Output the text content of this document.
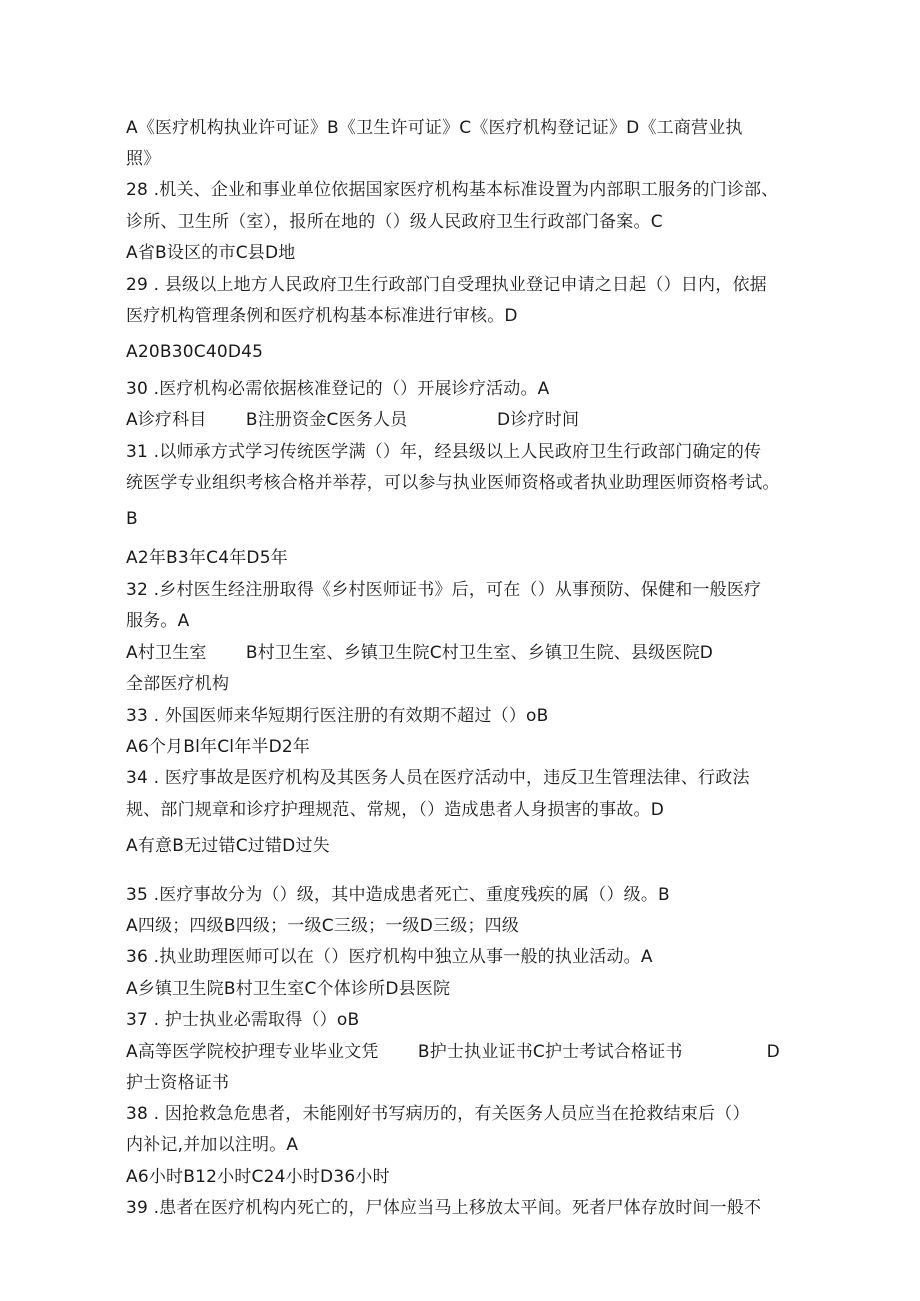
A《医疗机构执业许可证》B《卫生许可证》C《医疗机构登记证》D《工商营业执
照》
28 .机关、企业和事业单位依据国家医疗机构基本标准设置为内部职工服务的门诊部、
诊所、卫生所（室），报所在地的（）级人民政府卫生行政部门备案。C
A省B设区的市C县D地
29 . 县级以上地方人民政府卫生行政部门自受理执业登记申请之日起（）日内，依据
医疗机构管理条例和医疗机构基本标准进行审核。D
A20B30C40D45
30 .医疗机构必需依据核准登记的（）开展诊疗活动。A
A诊疗科目       B注册资金C医务人员                D诊疗时间
31 .以师承方式学习传统医学满（）年，经县级以上人民政府卫生行政部门确定的传
统医学专业组织考核合格并举荐，可以参与执业医师资格或者执业助理医师资格考试。
B
A2年B3年C4年D5年
32 .乡村医生经注册取得《乡村医师证书》后，可在（）从事预防、保健和一般医疗
服务。A
A村卫生室       B村卫生室、乡镇卫生院C村卫生室、乡镇卫生院、县级医院D
全部医疗机构
33 . 外国医师来华短期行医注册的有效期不超过（）oB
A6个月Bl年Cl年半D2年
34 . 医疗事故是医疗机构及其医务人员在医疗活动中，违反卫生管理法律、行政法
规、部门规章和诊疗护理规范、常规，（）造成患者人身损害的事故。D
A有意B无过错C过错D过失
35 .医疗事故分为（）级，其中造成患者死亡、重度残疾的属（）级。B
A四级；四级B四级；一级C三级；一级D三级；四级
36 .执业助理医师可以在（）医疗机构中独立从事一般的执业活动。A
A乡镇卫生院B村卫生室C个体诊所D县医院
37 . 护士执业必需取得（）oB
A高等医学院校护理专业毕业文凭       B护士执业证书C护士考试合格证书               D
护士资格证书
38 . 因抢救急危患者，未能刚好书写病历的，有关医务人员应当在抢救结束后（）
内补记,并加以注明。A
A6小时B12小时C24小时D36小时
39 .患者在医疗机构内死亡的，尸体应当马上移放太平间。死者尸体存放时间一般不
